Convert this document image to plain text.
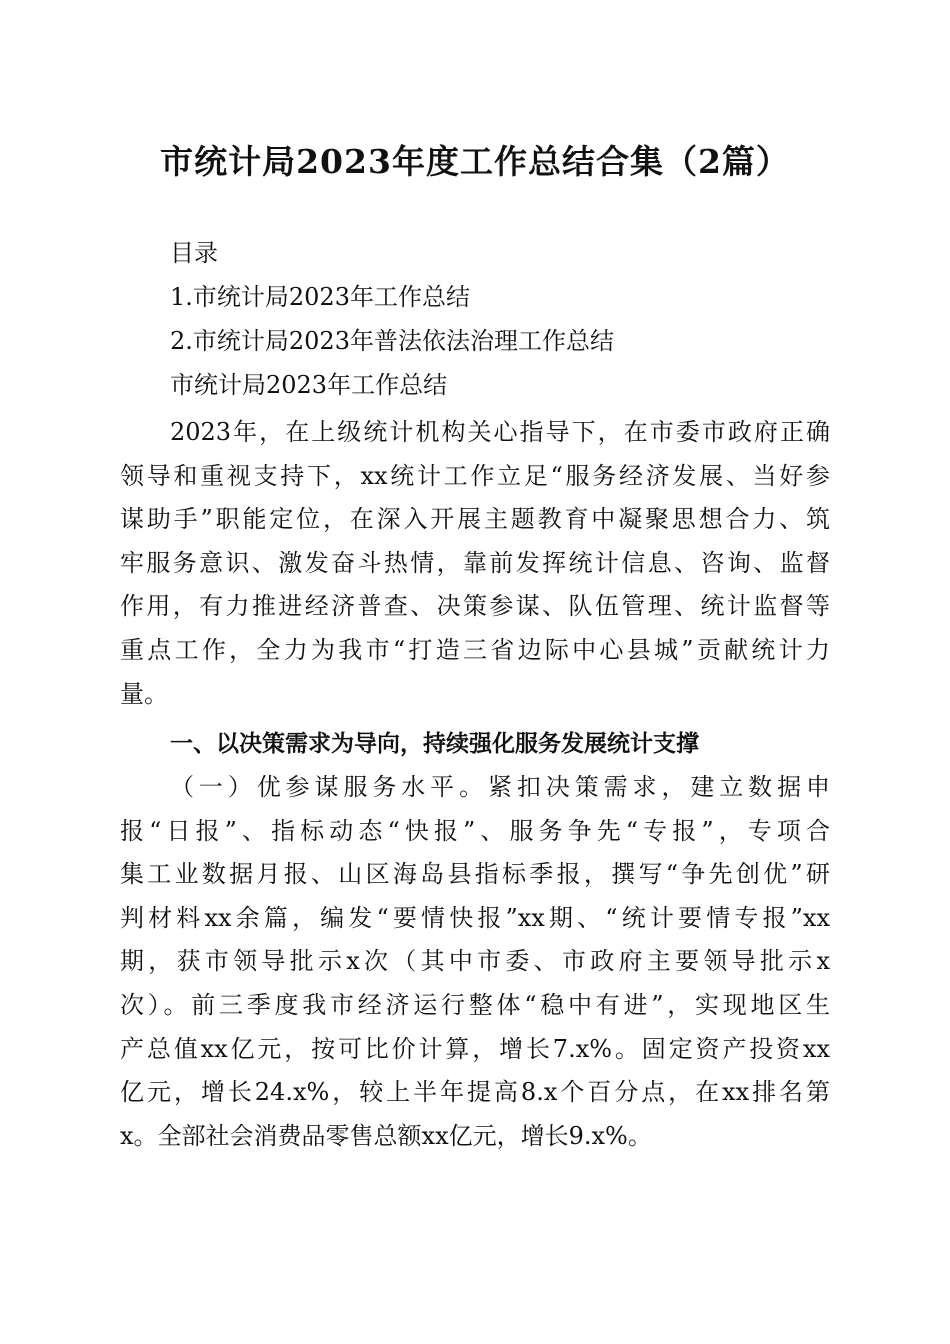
市统计局2023年度工作总结合集（2篇）
目录
1.市统计局2023年工作总结
2.市统计局2023年普法依法治理工作总结
市统计局2023年工作总结
2023年，在上级统计机构关心指导下，在市委市政府正确
领导和重视支持下，xx统计工作立足“服务经济发展、当好参
谋助手”职能定位，在深入开展主题教育中凝聚思想合力、筑
牢服务意识、激发奋斗热情，靠前发挥统计信息、咨询、监督
作用，有力推进经济普查、决策参谋、队伍管理、统计监督等
重点工作，全力为我市“打造三省边际中心县城”贡献统计力
量。
一、以决策需求为导向，持续强化服务发展统计支撑
（一）优参谋服务水平。紧扣决策需求，建立数据申
报“日报”、指标动态“快报”、服务争先“专报”，专项合
集工业数据月报、山区海岛县指标季报，撰写“争先创优”研
判材料xx余篇，编发“要情快报”xx期、“统计要情专报”xx
期，获市领导批示x次（其中市委、市政府主要领导批示x
次）。前三季度我市经济运行整体“稳中有进”，实现地区生
产总值xx亿元，按可比价计算，增长7.x%。固定资产投资xx
亿元，增长24.x%，较上半年提高8.x个百分点，在xx排名第
x。全部社会消费品零售总额xx亿元，增长9.x%。
